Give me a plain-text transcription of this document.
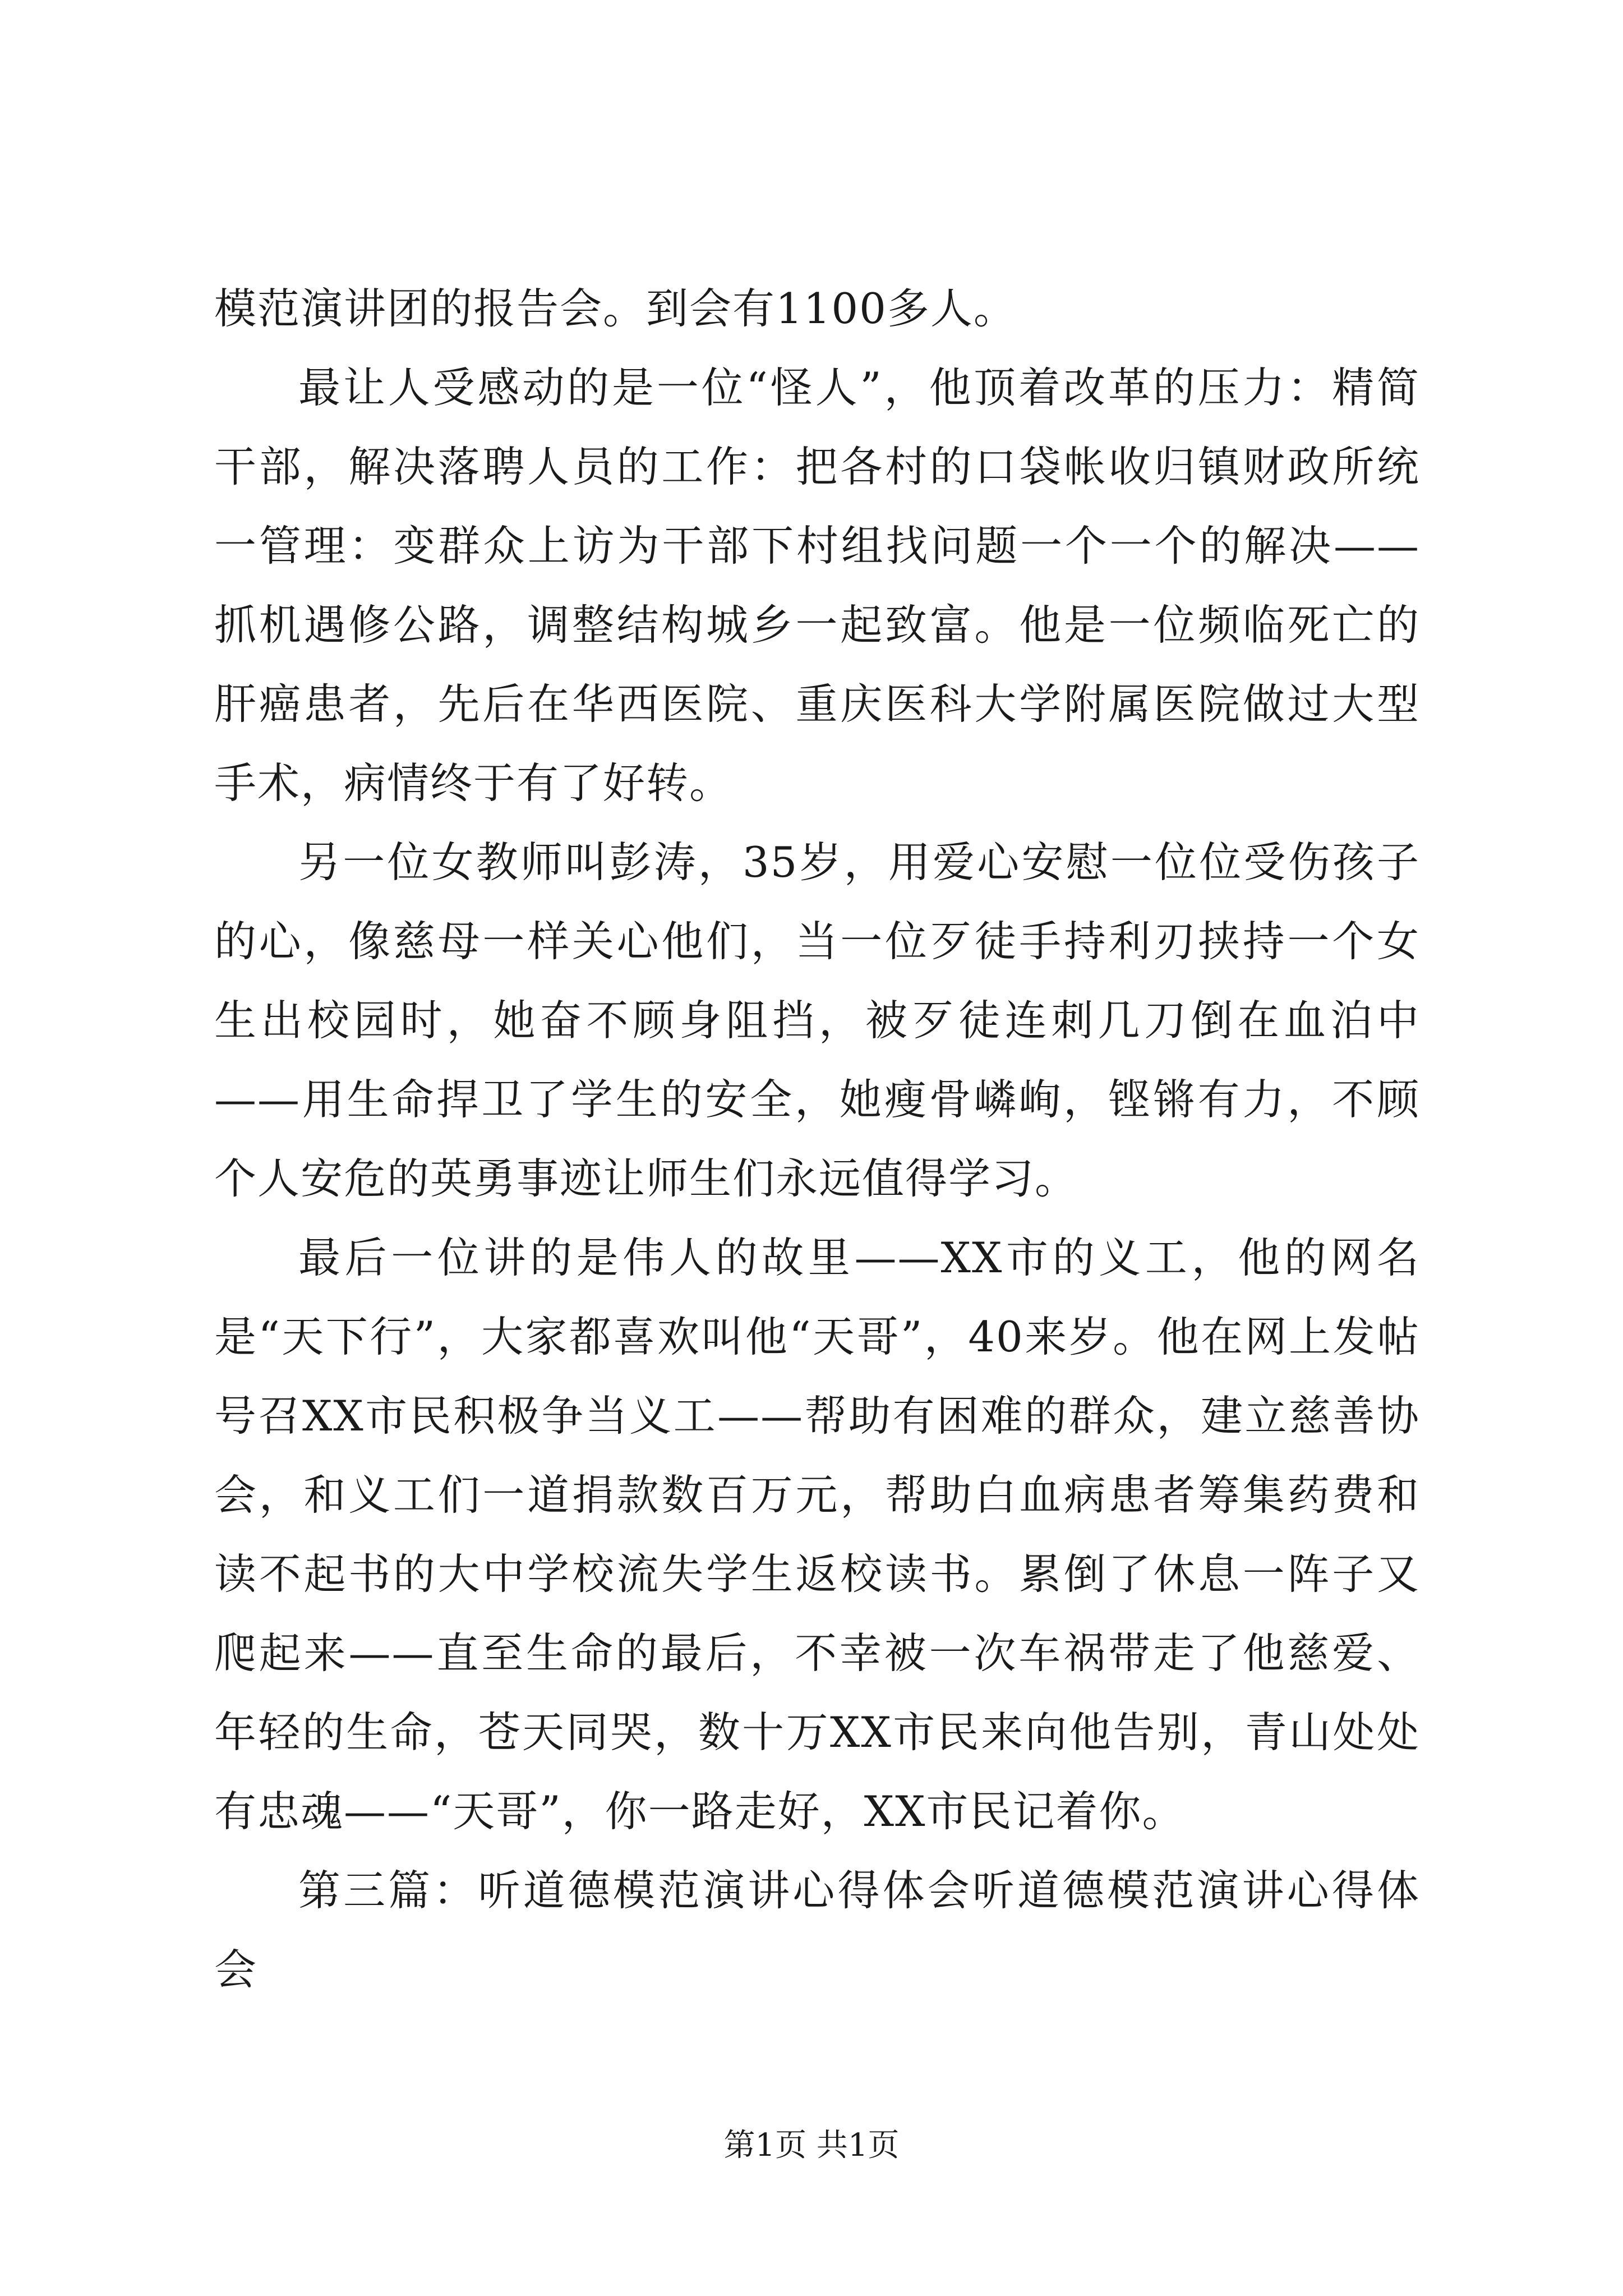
模范演讲团的报告会。到会有1100多人。

最让人受感动的是一位“怪人”，他顶着改革的压力：精简干部，解决落聘人员的工作：把各村的口袋帐收归镇财政所统一管理：变群众上访为干部下村组找问题一个一个的解决——抓机遇修公路，调整结构城乡一起致富。他是一位频临死亡的肝癌患者，先后在华西医院、重庆医科大学附属医院做过大型手术，病情终于有了好转。

另一位女教师叫彭涛，35岁，用爱心安慰一位位受伤孩子的心，像慈母一样关心他们，当一位歹徒手持利刃挟持一个女生出校园时，她奋不顾身阻挡，被歹徒连刺几刀倒在血泊中——用生命捍卫了学生的安全，她瘦骨嶙峋，铿锵有力，不顾个人安危的英勇事迹让师生们永远值得学习。

最后一位讲的是伟人的故里——XX市的义工，他的网名是“天下行”，大家都喜欢叫他“天哥”，40来岁。他在网上发帖号召XX市民积极争当义工——帮助有困难的群众，建立慈善协会，和义工们一道捐款数百万元，帮助白血病患者筹集药费和读不起书的大中学校流失学生返校读书。累倒了休息一阵子又爬起来——直至生命的最后，不幸被一次车祸带走了他慈爱、年轻的生命，苍天同哭，数十万XX市民来向他告别，青山处处有忠魂——“天哥”，你一路走好，XX市民记着你。

第三篇：听道德模范演讲心得体会听道德模范演讲心得体会

第1页 共1页
